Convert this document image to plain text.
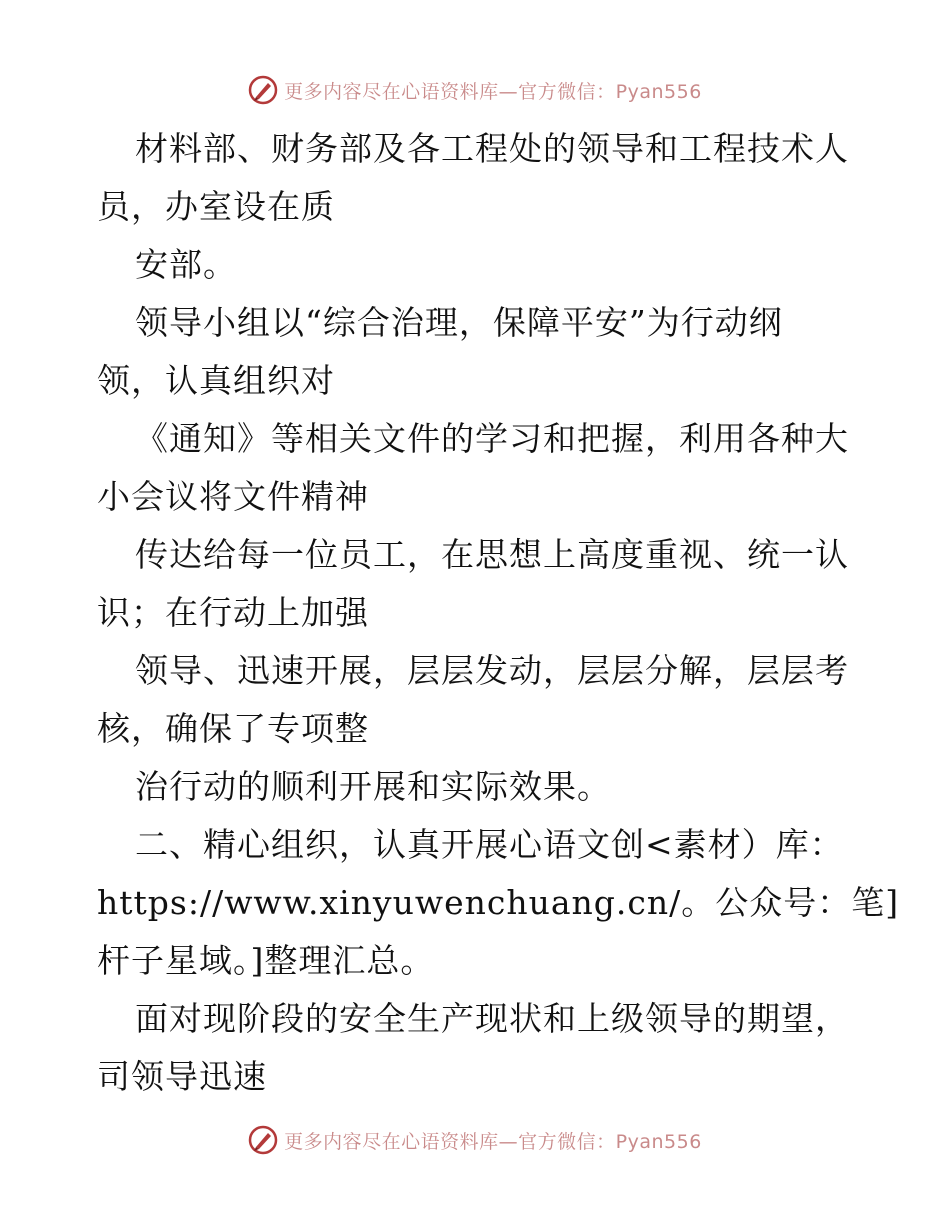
更多内容尽在心语资料库—官方微信：Pyan556
材料部、财务部及各工程处的领导和工程技术人
员，办室设在质
安部。
领导小组以“综合治理，保障平安”为行动纲
领，认真组织对
《通知》等相关文件的学习和把握，利用各种大
小会议将文件精神
传达给每一位员工，在思想上高度重视、统一认
识；在行动上加强
领导、迅速开展，层层发动，层层分解，层层考
核，确保了专项整
治行动的顺利开展和实际效果。
二、精心组织，认真开展心语文创<素材）库：
https://www.xinyuwenchuang.cn/。公众号：笔]
杆子星域。]整理汇总。
面对现阶段的安全生产现状和上级领导的期望，
司领导迅速
更多内容尽在心语资料库—官方微信：Pyan556
